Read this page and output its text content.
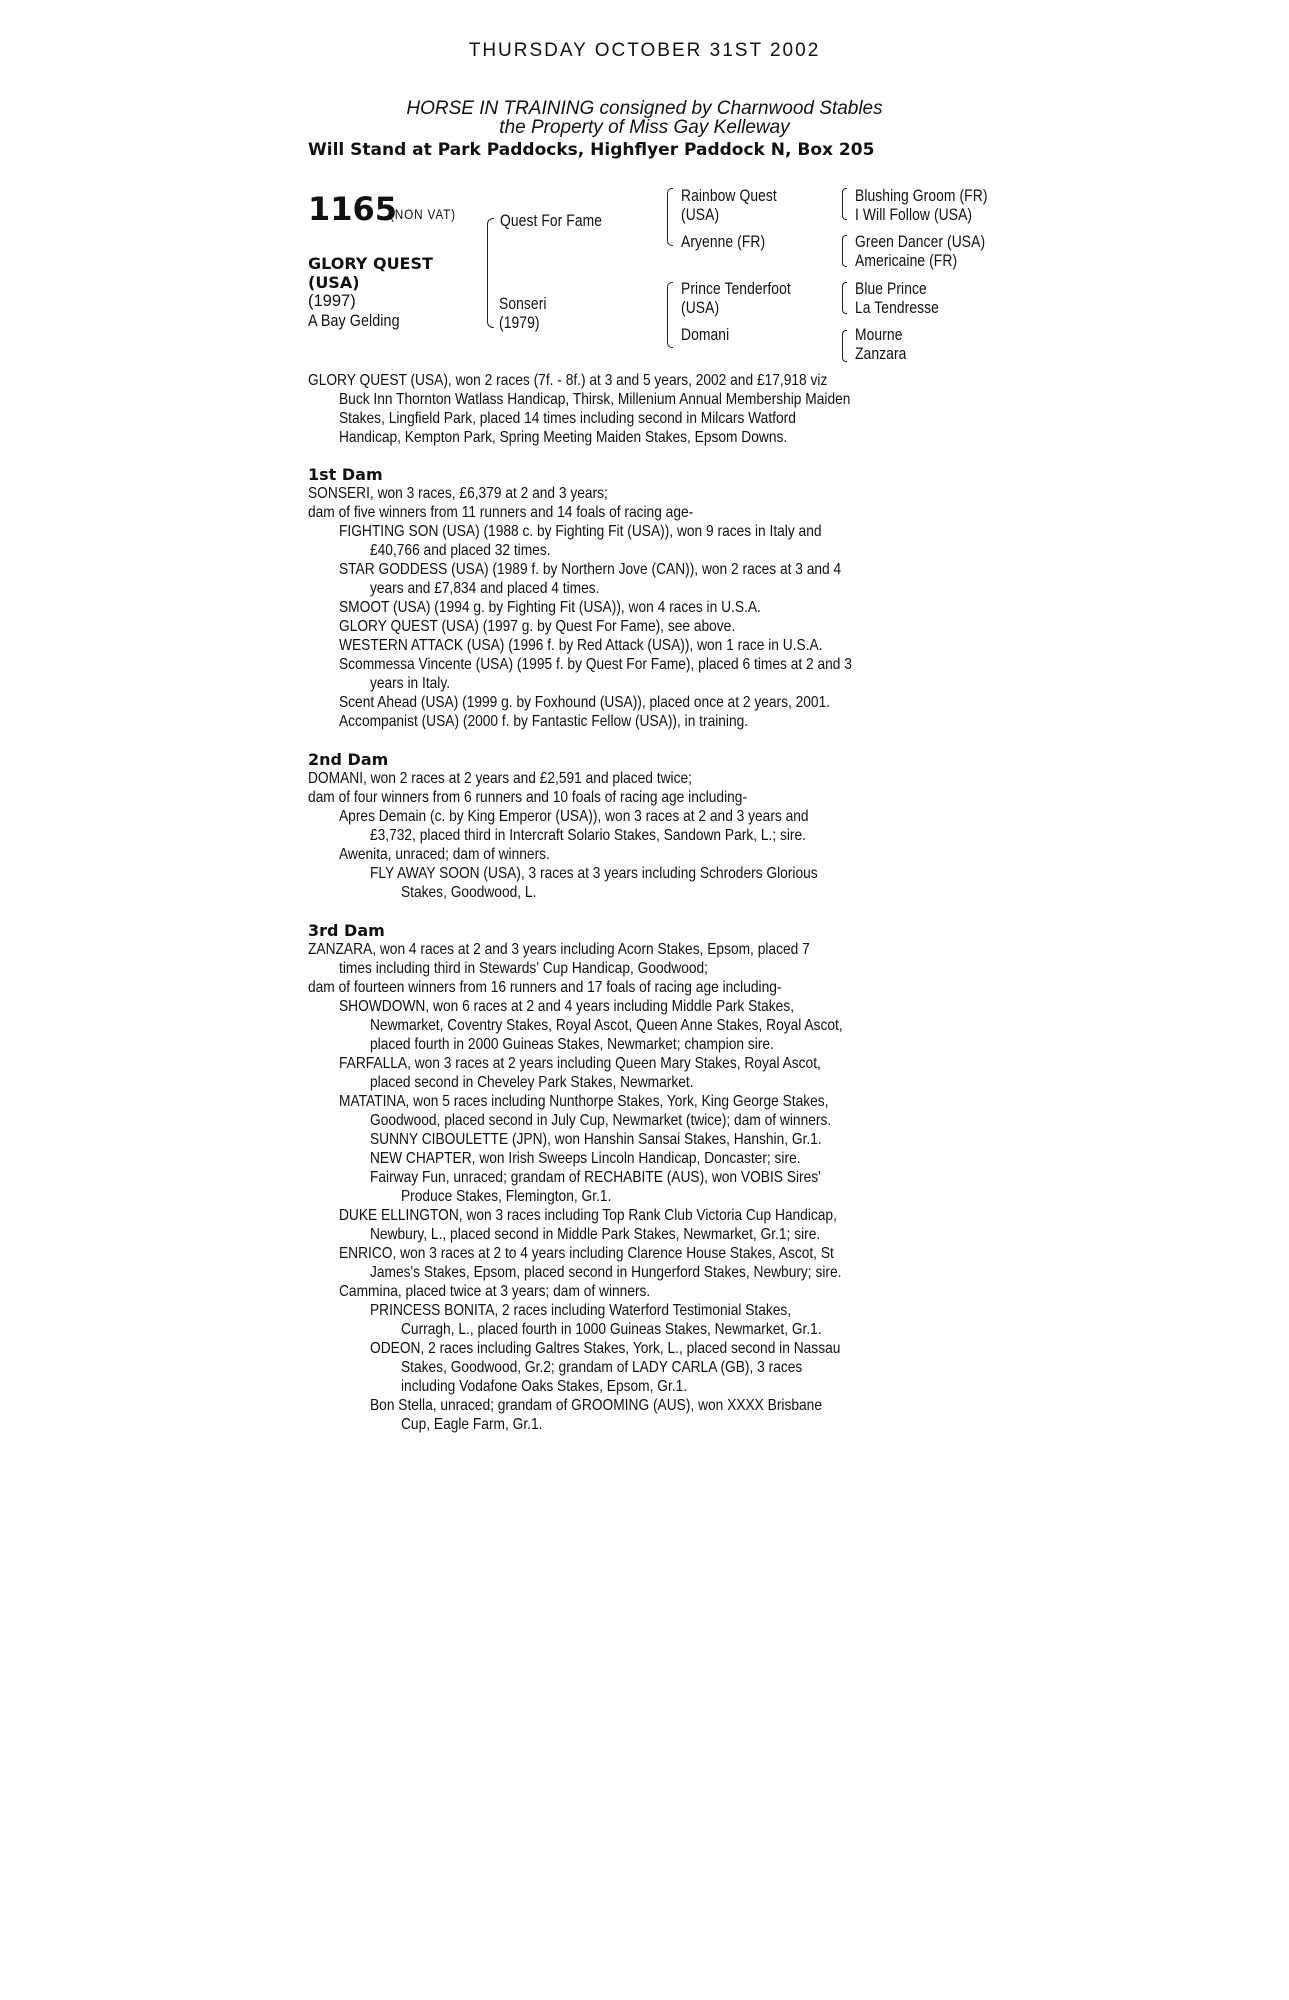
THURSDAY OCTOBER 31ST 2002
HORSE IN TRAINING consigned by Charnwood Stables
the Property of Miss Gay Kelleway
Will Stand at Park Paddocks, Highflyer Paddock N, Box 205
1165
(NON VAT)
GLORY QUEST
(USA)
(1997)
A Bay Gelding
Quest For Fame
Sonseri
(1979)
Rainbow Quest
(USA)
Aryenne (FR)
Prince Tenderfoot
(USA)
Domani
Blushing Groom (FR)
I Will Follow (USA)
Green Dancer (USA)
Americaine (FR)
Blue Prince
La Tendresse
Mourne
Zanzara
GLORY QUEST (USA), won 2 races (7f. - 8f.) at 3 and 5 years, 2002 and £17,918 viz
Buck Inn Thornton Watlass Handicap, Thirsk, Millenium Annual Membership Maiden
Stakes, Lingfield Park, placed 14 times including second in Milcars Watford
Handicap, Kempton Park, Spring Meeting Maiden Stakes, Epsom Downs.
1st Dam
SONSERI, won 3 races, £6,379 at 2 and 3 years;
dam of five winners from 11 runners and 14 foals of racing age-
FIGHTING SON (USA) (1988 c. by Fighting Fit (USA)), won 9 races in Italy and
£40,766 and placed 32 times.
STAR GODDESS (USA) (1989 f. by Northern Jove (CAN)), won 2 races at 3 and 4
years and £7,834 and placed 4 times.
SMOOT (USA) (1994 g. by Fighting Fit (USA)), won 4 races in U.S.A.
GLORY QUEST (USA) (1997 g. by Quest For Fame), see above.
WESTERN ATTACK (USA) (1996 f. by Red Attack (USA)), won 1 race in U.S.A.
Scommessa Vincente (USA) (1995 f. by Quest For Fame), placed 6 times at 2 and 3
years in Italy.
Scent Ahead (USA) (1999 g. by Foxhound (USA)), placed once at 2 years, 2001.
Accompanist (USA) (2000 f. by Fantastic Fellow (USA)), in training.
2nd Dam
DOMANI, won 2 races at 2 years and £2,591 and placed twice;
dam of four winners from 6 runners and 10 foals of racing age including-
Apres Demain (c. by King Emperor (USA)), won 3 races at 2 and 3 years and
£3,732, placed third in Intercraft Solario Stakes, Sandown Park, L.; sire.
Awenita, unraced; dam of winners.
FLY AWAY SOON (USA), 3 races at 3 years including Schroders Glorious
Stakes, Goodwood, L.
3rd Dam
ZANZARA, won 4 races at 2 and 3 years including Acorn Stakes, Epsom, placed 7
times including third in Stewards' Cup Handicap, Goodwood;
dam of fourteen winners from 16 runners and 17 foals of racing age including-
SHOWDOWN, won 6 races at 2 and 4 years including Middle Park Stakes,
Newmarket, Coventry Stakes, Royal Ascot, Queen Anne Stakes, Royal Ascot,
placed fourth in 2000 Guineas Stakes, Newmarket; champion sire.
FARFALLA, won 3 races at 2 years including Queen Mary Stakes, Royal Ascot,
placed second in Cheveley Park Stakes, Newmarket.
MATATINA, won 5 races including Nunthorpe Stakes, York, King George Stakes,
Goodwood, placed second in July Cup, Newmarket (twice); dam of winners.
SUNNY CIBOULETTE (JPN), won Hanshin Sansai Stakes, Hanshin, Gr.1.
NEW CHAPTER, won Irish Sweeps Lincoln Handicap, Doncaster; sire.
Fairway Fun, unraced; grandam of RECHABITE (AUS), won VOBIS Sires'
Produce Stakes, Flemington, Gr.1.
DUKE ELLINGTON, won 3 races including Top Rank Club Victoria Cup Handicap,
Newbury, L., placed second in Middle Park Stakes, Newmarket, Gr.1; sire.
ENRICO, won 3 races at 2 to 4 years including Clarence House Stakes, Ascot, St
James's Stakes, Epsom, placed second in Hungerford Stakes, Newbury; sire.
Cammina, placed twice at 3 years; dam of winners.
PRINCESS BONITA, 2 races including Waterford Testimonial Stakes,
Curragh, L., placed fourth in 1000 Guineas Stakes, Newmarket, Gr.1.
ODEON, 2 races including Galtres Stakes, York, L., placed second in Nassau
Stakes, Goodwood, Gr.2; grandam of LADY CARLA (GB), 3 races
including Vodafone Oaks Stakes, Epsom, Gr.1.
Bon Stella, unraced; grandam of GROOMING (AUS), won XXXX Brisbane
Cup, Eagle Farm, Gr.1.
